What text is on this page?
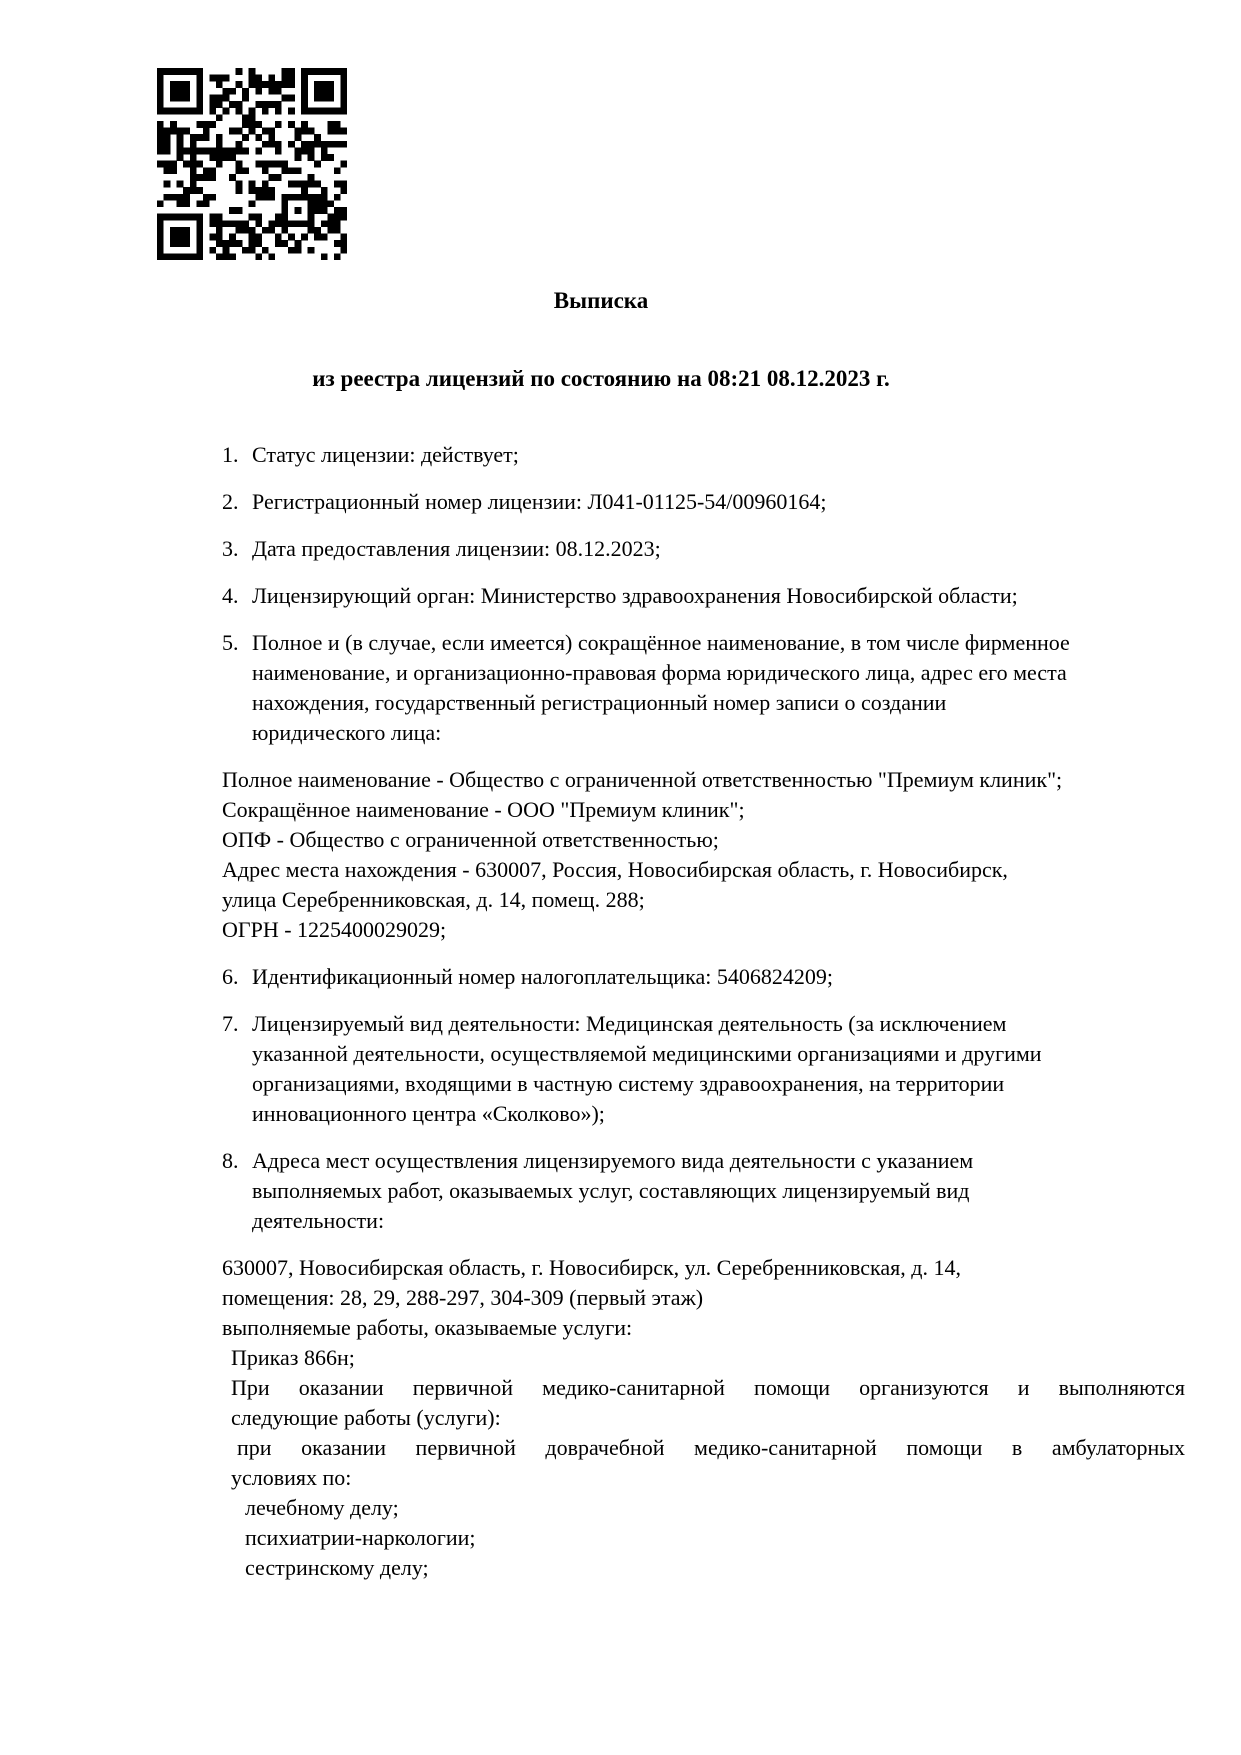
Выписка
из реестра лицензий по состоянию на 08:21 08.12.2023 г.
1. Статус лицензии: действует;
2. Регистрационный номер лицензии: Л041-01125-54/00960164;
3. Дата предоставления лицензии: 08.12.2023;
4. Лицензирующий орган: Министерство здравоохранения Новосибирской области;
5. Полное и (в случае, если имеется) сокращённое наименование, в том числе фирменное
наименование, и организационно-правовая форма юридического лица, адрес его места
нахождения, государственный регистрационный номер записи о создании
юридического лица:
Полное наименование - Общество с ограниченной ответственностью "Премиум клиник";
Сокращённое наименование - ООО "Премиум клиник";
ОПФ - Общество с ограниченной ответственностью;
Адрес места нахождения - 630007, Россия, Новосибирская область, г. Новосибирск,
улица Серебренниковская, д. 14, помещ. 288;
ОГРН - 1225400029029;
6. Идентификационный номер налогоплательщика: 5406824209;
7. Лицензируемый вид деятельности: Медицинская деятельность (за исключением
указанной деятельности, осуществляемой медицинскими организациями и другими
организациями, входящими в частную систему здравоохранения, на территории
инновационного центра «Сколково»);
8. Адреса мест осуществления лицензируемого вида деятельности с указанием
выполняемых работ, оказываемых услуг, составляющих лицензируемый вид
деятельности:
630007, Новосибирская область, г. Новосибирск, ул. Серебренниковская, д. 14,
помещения: 28, 29, 288-297, 304-309 (первый этаж)
выполняемые работы, оказываемые услуги:
Приказ 866н;
При оказании первичной медико-санитарной помощи организуются и выполняются
следующие работы (услуги):
при оказании первичной доврачебной медико-санитарной помощи в амбулаторных
условиях по:
лечебному делу;
психиатрии-наркологии;
сестринскому делу;
